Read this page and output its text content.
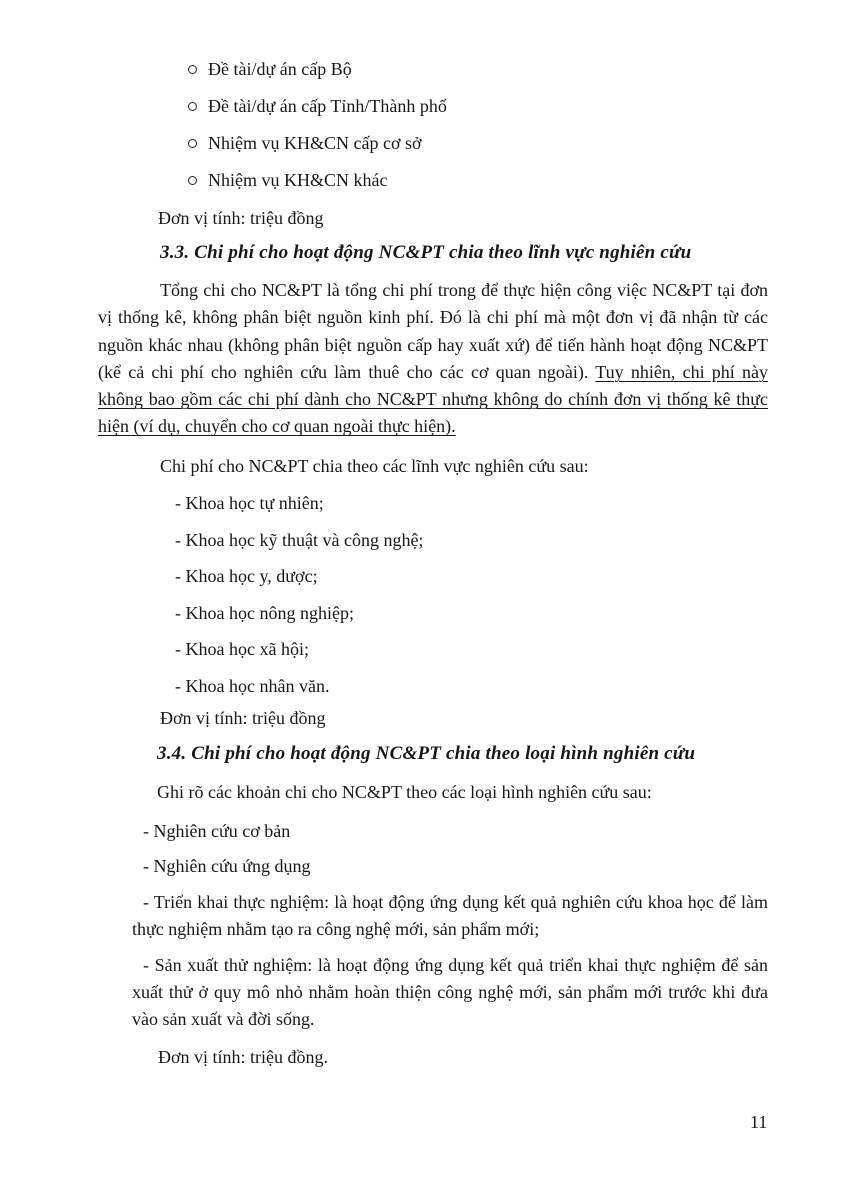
Đề tài/dự án cấp Bộ
Đề tài/dự án cấp Tỉnh/Thành phố
Nhiệm vụ KH&CN cấp cơ sở
Nhiệm vụ KH&CN khác
Đơn vị tính: triệu đồng
3.3. Chi phí cho hoạt động NC&PT chia theo lĩnh vực nghiên cứu

Tổng chi cho NC&PT là tổng chi phí trong để thực hiện công việc NC&PT tại đơn vị thống kê, không phân biệt nguồn kinh phí. Đó là chi phí mà một đơn vị đã nhận từ các nguồn khác nhau (không phân biệt nguồn cấp hay xuất xứ) để tiến hành hoạt động NC&PT (kể cả chi phí cho nghiên cứu làm thuê cho các cơ quan ngoài). Tuy nhiên, chi phí này không bao gồm các chi phí dành cho NC&PT nhưng không do chính đơn vị thống kê thực hiện (ví dụ, chuyển cho cơ quan ngoài thực hiện).

Chi phí cho NC&PT chia theo các lĩnh vực nghiên cứu sau:
- Khoa học tự nhiên;
- Khoa học kỹ thuật và công nghệ;
- Khoa học y, dược;
- Khoa học nông nghiệp;
- Khoa học xã hội;
- Khoa học nhân văn.
Đơn vị tính: triệu đồng
3.4. Chi phí cho hoạt động NC&PT chia theo loại hình nghiên cứu
Ghi rõ các khoản chi cho NC&PT theo các loại hình nghiên cứu sau:
- Nghiên cứu cơ bản
- Nghiên cứu ứng dụng
- Triển khai thực nghiệm: là hoạt động ứng dụng kết quả nghiên cứu khoa học để làm thực nghiệm nhằm tạo ra công nghệ mới, sản phẩm mới;
- Sản xuất thử nghiệm: là hoạt động ứng dụng kết quả triển khai thực nghiệm để sản xuất thử ở quy mô nhỏ nhằm hoàn thiện công nghệ mới, sản phẩm mới trước khi đưa vào sản xuất và đời sống.
Đơn vị tính: triệu đồng.
11
